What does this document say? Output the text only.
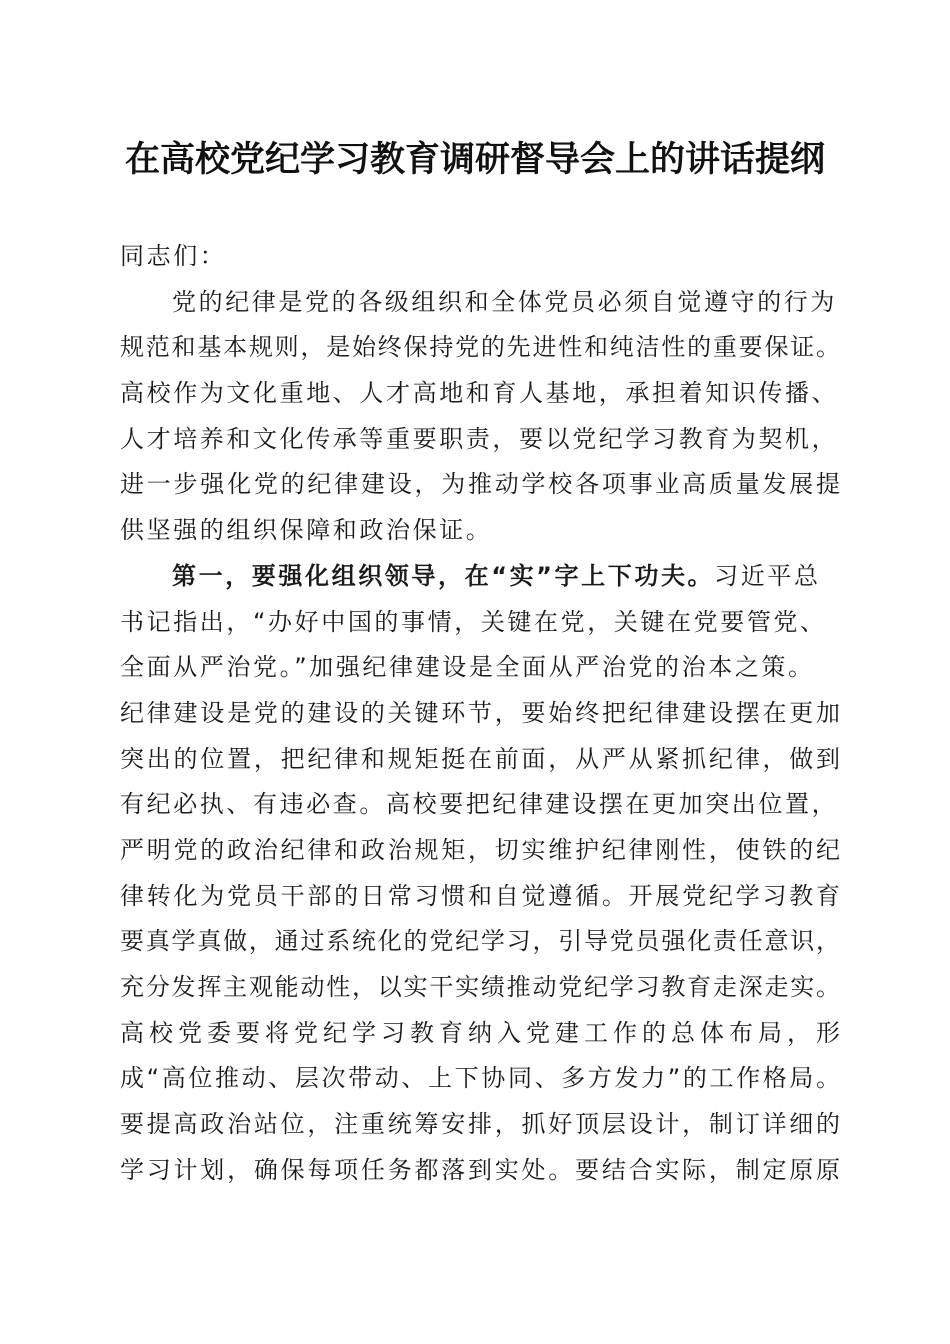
在高校党纪学习教育调研督导会上的讲话提纲
同志们：
党的纪律是党的各级组织和全体党员必须自觉遵守的行为
规范和基本规则，是始终保持党的先进性和纯洁性的重要保证。
高校作为文化重地、人才高地和育人基地，承担着知识传播、
人才培养和文化传承等重要职责，要以党纪学习教育为契机，
进一步强化党的纪律建设，为推动学校各项事业高质量发展提
供坚强的组织保障和政治保证。
第一，要强化组织领导，在“实”字上下功夫。习近平总
书记指出，“办好中国的事情，关键在党，关键在党要管党、
全面从严治党。”加强纪律建设是全面从严治党的治本之策。
纪律建设是党的建设的关键环节，要始终把纪律建设摆在更加
突出的位置，把纪律和规矩挺在前面，从严从紧抓纪律，做到
有纪必执、有违必查。高校要把纪律建设摆在更加突出位置，
严明党的政治纪律和政治规矩，切实维护纪律刚性，使铁的纪
律转化为党员干部的日常习惯和自觉遵循。开展党纪学习教育
要真学真做，通过系统化的党纪学习，引导党员强化责任意识，
充分发挥主观能动性，以实干实绩推动党纪学习教育走深走实。
高校党委要将党纪学习教育纳入党建工作的总体布局，形
成“高位推动、层次带动、上下协同、多方发力”的工作格局。
要提高政治站位，注重统筹安排，抓好顶层设计，制订详细的
学习计划，确保每项任务都落到实处。要结合实际，制定原原
